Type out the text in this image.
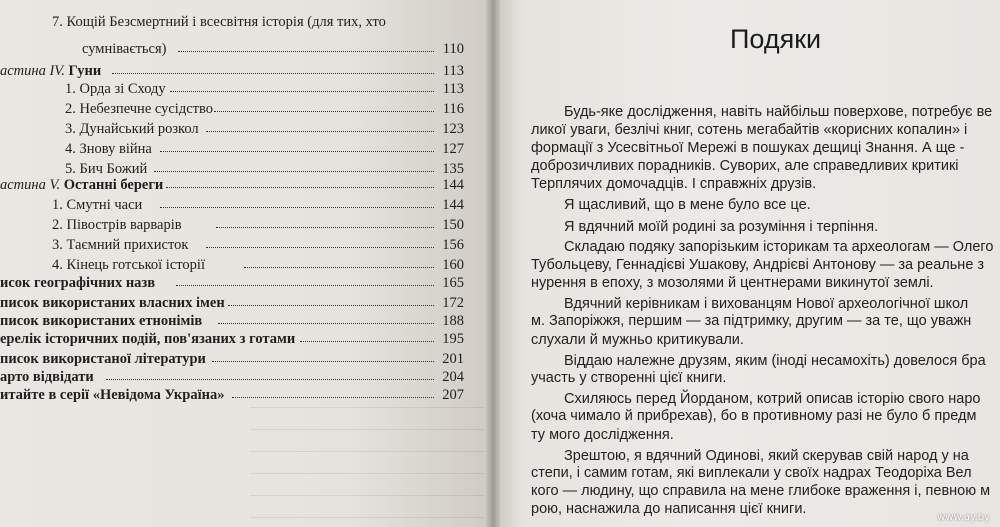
7. Кощій Безсмертний і всесвітня історія (для тих, хто
сумнівається)	110
астина IV. Гуни	113
1. Орда зі Сходу	113
2. Небезпечне сусідство	116
3. Дунайський розкол	123
4. Знову війна	127
5. Бич Божий	135
астина V. Останні береги	144
1. Смутні часи	144
2. Півострів варварів	150
3. Таємний прихисток	156
4. Кінець готської історії	160
исок географічних назв	165
писок використаних власних імен	172
писок використаних етнонімів	188
ерелік історичних подій, пов'язаних з готами	195
писок використаної літератури	201
арто відвідати	204
итайте в серії «Невідома Україна»	207
Подяки
Будь-яке дослідження, навіть найбільш поверхове, потребує ве
ликої уваги, безлічі книг, сотень мегабайтів «корисних копалин» і
формації з Усесвітньої Мережі в пошуках дещиці Знання. А ще -
доброзичливих порадників. Суворих, але справедливих критикі
Терплячих домочадців. І справжніх друзів.
Я щасливий, що в мене було все це.
Я вдячний моїй родині за розуміння і терпіння.
Складаю подяку запорізьким історикам та археологам — Олего
Тубольцеву, Геннадієві Ушакову, Андрієві Антонову — за реальне з
нурення в епоху, з мозолями й центнерами викинутої землі.
Вдячний керівникам і вихованцям Нової археологічної школ
м. Запоріжжя, першим — за підтримку, другим — за те, що уважн
слухали й мужньо критикували.
Віддаю належне друзям, яким (іноді несамохіть) довелося бра
участь у створенні цієї книги.
Схиляюсь перед Йорданом, котрий описав історію свого наро
(хоча чимало й прибрехав), бо в противному разі не було б предм
ту мого дослідження.
Зрештою, я вдячний Одинові, який скерував свій народ у на
степи, і самим готам, які виплекали у своїх надрах Теодоріха Вел
кого — людину, що справила на мене глибоке враження і, певною м
рою, наснажила до написання цієї книги.
www.ay.by
